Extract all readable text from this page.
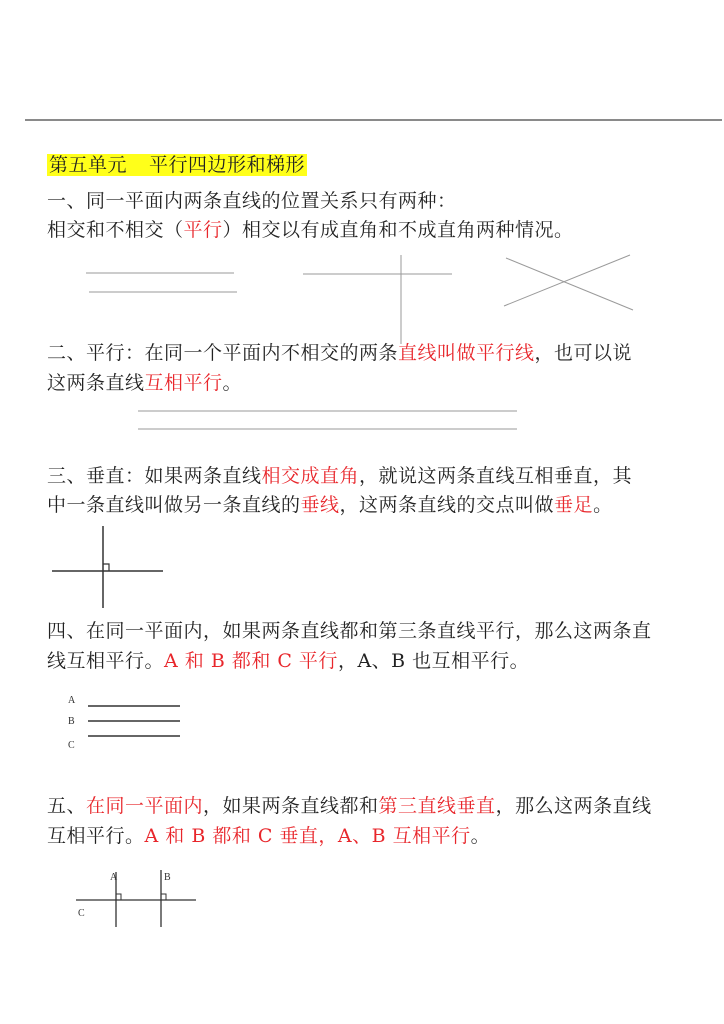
第五单元 平行四边形和梯形
一、同一平面内两条直线的位置关系只有两种：
相交和不相交（平行）相交以有成直角和不成直角两种情况。
二、平行：在同一个平面内不相交的两条直线叫做平行线，也可以说
这两条直线互相平行。
三、垂直：如果两条直线相交成直角，就说这两条直线互相垂直，其
中一条直线叫做另一条直线的垂线，这两条直线的交点叫做垂足。
四、在同一平面内，如果两条直线都和第三条直线平行，那么这两条直
线互相平行。A 和 B 都和 C 平行，A、B 也互相平行。
A
B
C
五、在同一平面内，如果两条直线都和第三直线垂直，那么这两条直线
互相平行。A 和 B 都和 C 垂直，A、B 互相平行。
A	B
C
